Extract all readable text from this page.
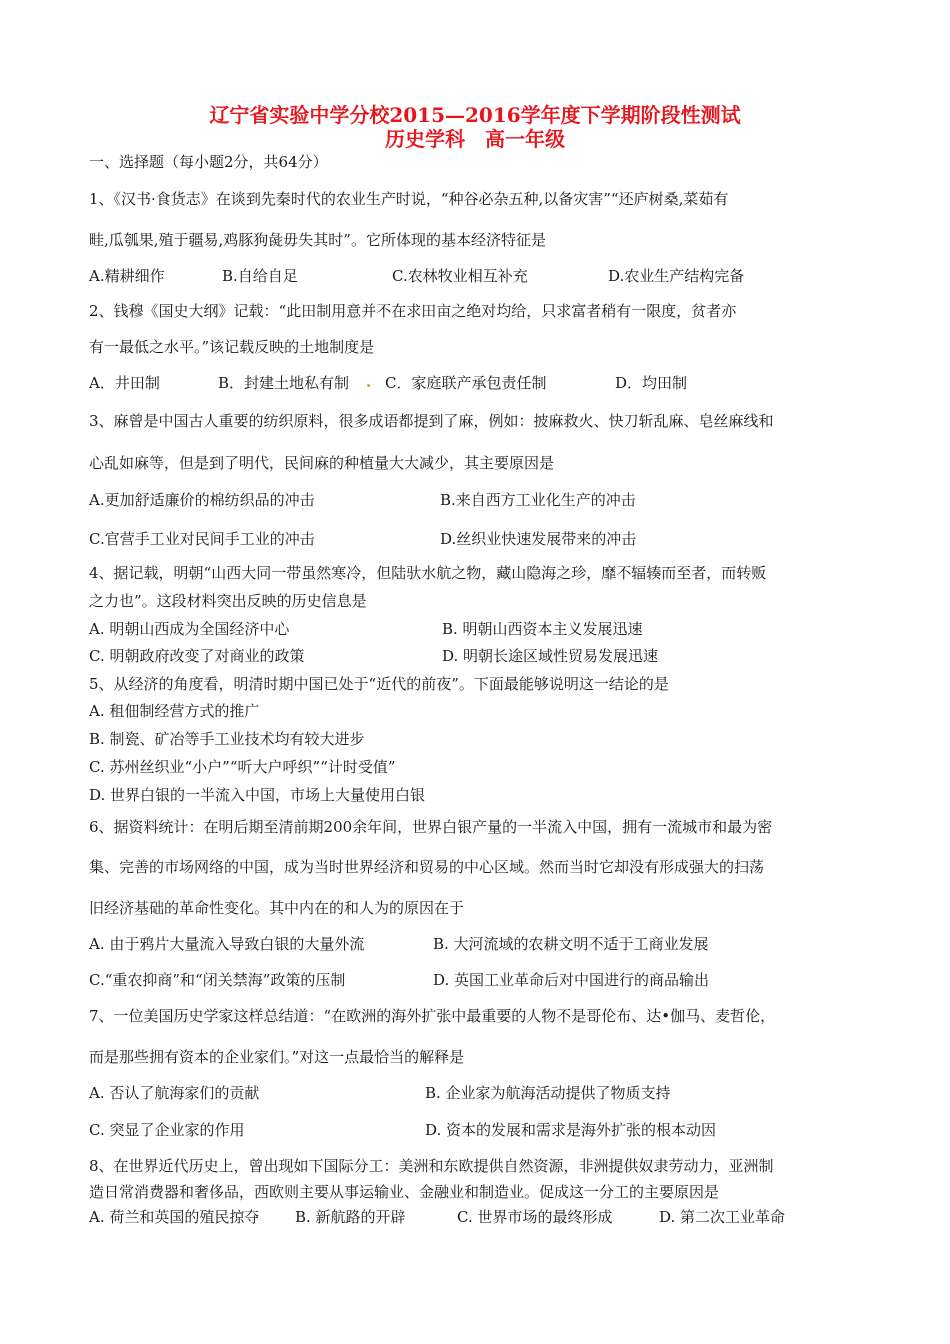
辽宁省实验中学分校2015—2016学年度下学期阶段性测试
历史学科　高一年级
一、选择题（每小题2分，共64分）
1、《汉书·食货志》在谈到先秦时代的农业生产时说，“种谷必杂五种,以备灾害”“还庐树桑,菜茹有
畦,瓜瓠果,殖于疆易,鸡豚狗彘毋失其时”。它所体现的基本经济特征是
A.精耕细作	B.自给自足	C.农林牧业相互补充	D.农业生产结构完备
2、钱穆《国史大纲》记载：“此田制用意并不在求田亩之绝对均给，只求富者稍有一限度，贫者亦
有一最低之水平。”该记载反映的土地制度是
A．井田制	B．封建土地私有制 C．家庭联产承包责任制	D．均田制
3、麻曾是中国古人重要的纺织原料，很多成语都提到了麻，例如：披麻救火、快刀斩乱麻、皂丝麻线和
心乱如麻等，但是到了明代，民间麻的种植量大大减少，其主要原因是
A.更加舒适廉价的棉纺织品的冲击	B.来自西方工业化生产的冲击
C.官营手工业对民间手工业的冲击	D.丝织业快速发展带来的冲击
4、据记载，明朝“山西大同一带虽然寒冷，但陆驮水航之物，藏山隐海之珍，靡不辐辏而至者，而转贩
之力也”。这段材料突出反映的历史信息是
A. 明朝山西成为全国经济中心	B. 明朝山西资本主义发展迅速
C. 明朝政府改变了对商业的政策	D. 明朝长途区域性贸易发展迅速
5、从经济的角度看，明清时期中国已处于“近代的前夜”。下面最能够说明这一结论的是
A. 租佃制经营方式的推广
B. 制瓷、矿冶等手工业技术均有较大进步
C. 苏州丝织业“小户”“听大户呼织”“计时受值”
D. 世界白银的一半流入中国，市场上大量使用白银
6、据资料统计：在明后期至清前期200余年间，世界白银产量的一半流入中国，拥有一流城市和最为密
集、完善的市场网络的中国，成为当时世界经济和贸易的中心区域。然而当时它却没有形成强大的扫荡
旧经济基础的革命性变化。其中内在的和人为的原因在于
A. 由于鸦片大量流入导致白银的大量外流	B. 大河流域的农耕文明不适于工商业发展
C.“重农抑商”和“闭关禁海”政策的压制	D. 英国工业革命后对中国进行的商品输出
7、一位美国历史学家这样总结道：“在欧洲的海外扩张中最重要的人物不是哥伦布、达•伽马、麦哲伦，
而是那些拥有资本的企业家们。”对这一点最恰当的解释是
A. 否认了航海家们的贡献	B. 企业家为航海活动提供了物质支持
C. 突显了企业家的作用	D. 资本的发展和需求是海外扩张的根本动因
8、在世界近代历史上，曾出现如下国际分工：美洲和东欧提供自然资源，非洲提供奴隶劳动力，亚洲制
造日常消费器和奢侈品，西欧则主要从事运输业、金融业和制造业。促成这一分工的主要原因是
A. 荷兰和英国的殖民掠夺 B. 新航路的开辟	C. 世界市场的最终形成	D. 第二次工业革命
